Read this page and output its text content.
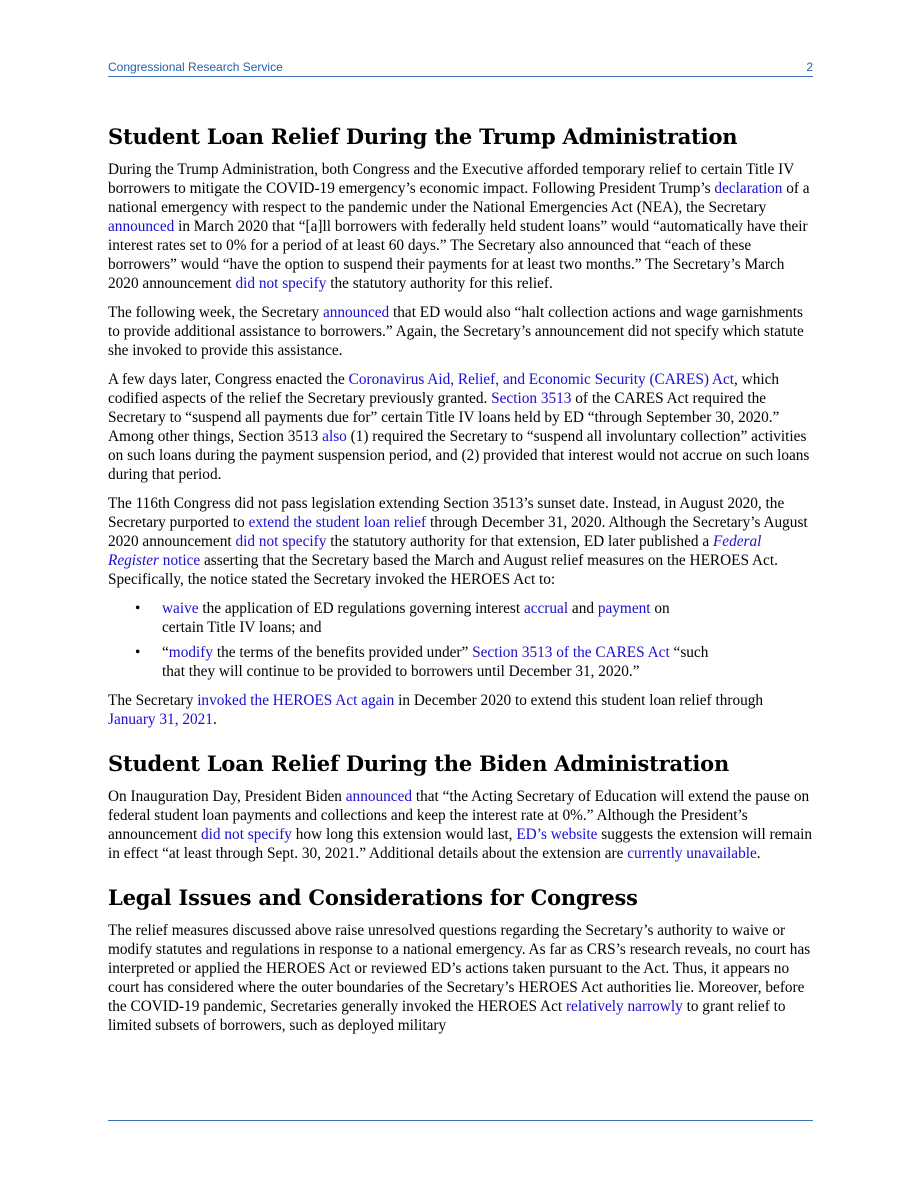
Congressional Research Service	2
Student Loan Relief During the Trump Administration

During the Trump Administration, both Congress and the Executive afforded temporary relief to certain Title IV borrowers to mitigate the COVID-19 emergency’s economic impact. Following President Trump’s declaration of a national emergency with respect to the pandemic under the National Emergencies Act (NEA), the Secretary announced in March 2020 that “[a]ll borrowers with federally held student loans” would “automatically have their interest rates set to 0% for a period of at least 60 days.” The Secretary also announced that “each of these borrowers” would “have the option to suspend their payments for at least two months.” The Secretary’s March 2020 announcement did not specify the statutory authority for this relief.

The following week, the Secretary announced that ED would also “halt collection actions and wage garnishments to provide additional assistance to borrowers.” Again, the Secretary’s announcement did not specify which statute she invoked to provide this assistance.

A few days later, Congress enacted the Coronavirus Aid, Relief, and Economic Security (CARES) Act, which codified aspects of the relief the Secretary previously granted. Section 3513 of the CARES Act required the Secretary to “suspend all payments due for” certain Title IV loans held by ED “through September 30, 2020.” Among other things, Section 3513 also (1) required the Secretary to “suspend all involuntary collection” activities on such loans during the payment suspension period, and (2) provided that interest would not accrue on such loans during that period.

The 116th Congress did not pass legislation extending Section 3513’s sunset date. Instead, in August 2020, the Secretary purported to extend the student loan relief through December 31, 2020. Although the Secretary’s August 2020 announcement did not specify the statutory authority for that extension, ED later published a Federal Register notice asserting that the Secretary based the March and August relief measures on the HEROES Act. Specifically, the notice stated the Secretary invoked the HEROES Act to:

• waive the application of ED regulations governing interest accrual and payment on certain Title IV loans; and
• “modify the terms of the benefits provided under” Section 3513 of the CARES Act “such that they will continue to be provided to borrowers until December 31, 2020.”

The Secretary invoked the HEROES Act again in December 2020 to extend this student loan relief through January 31, 2021.

Student Loan Relief During the Biden Administration

On Inauguration Day, President Biden announced that “the Acting Secretary of Education will extend the pause on federal student loan payments and collections and keep the interest rate at 0%.” Although the President’s announcement did not specify how long this extension would last, ED’s website suggests the extension will remain in effect “at least through Sept. 30, 2021.” Additional details about the extension are currently unavailable.

Legal Issues and Considerations for Congress

The relief measures discussed above raise unresolved questions regarding the Secretary’s authority to waive or modify statutes and regulations in response to a national emergency. As far as CRS’s research reveals, no court has interpreted or applied the HEROES Act or reviewed ED’s actions taken pursuant to the Act. Thus, it appears no court has considered where the outer boundaries of the Secretary’s HEROES Act authorities lie. Moreover, before the COVID-19 pandemic, Secretaries generally invoked the HEROES Act relatively narrowly to grant relief to limited subsets of borrowers, such as deployed military
